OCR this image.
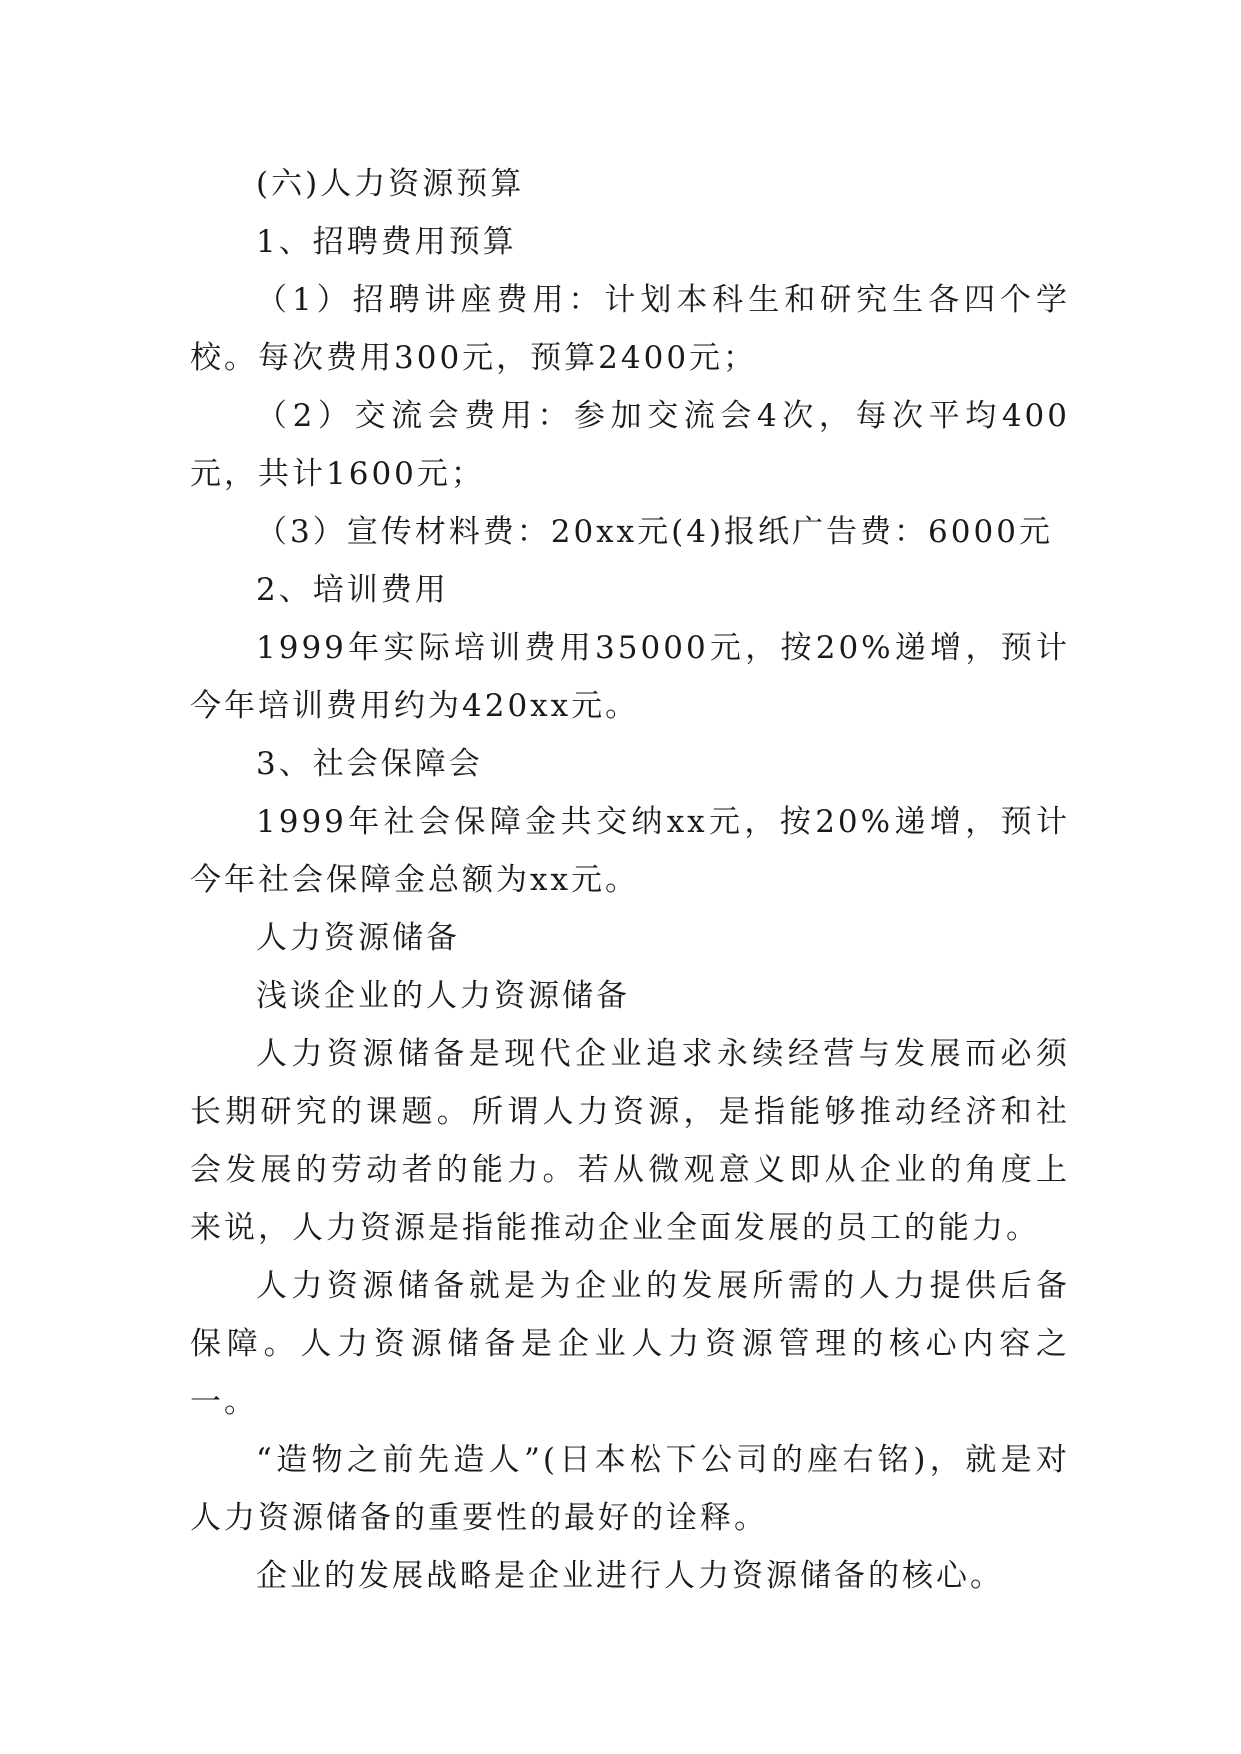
(六)人力资源预算

1、招聘费用预算

（1）招聘讲座费用：计划本科生和研究生各四个学校。每次费用300元，预算2400元；

（2）交流会费用：参加交流会4次，每次平均400元，共计1600元；

（3）宣传材料费：20xx元(4)报纸广告费：6000元

2、培训费用

1999年实际培训费用35000元，按20%递增，预计今年培训费用约为420xx元。

3、社会保障会

1999年社会保障金共交纳xx元，按20%递增，预计今年社会保障金总额为xx元。

人力资源储备

浅谈企业的人力资源储备

人力资源储备是现代企业追求永续经营与发展而必须长期研究的课题。所谓人力资源，是指能够推动经济和社会发展的劳动者的能力。若从微观意义即从企业的角度上来说，人力资源是指能推动企业全面发展的员工的能力。

人力资源储备就是为企业的发展所需的人力提供后备保障。人力资源储备是企业人力资源管理的核心内容之一。

“造物之前先造人”(日本松下公司的座右铭)，就是对人力资源储备的重要性的最好的诠释。

企业的发展战略是企业进行人力资源储备的核心。
